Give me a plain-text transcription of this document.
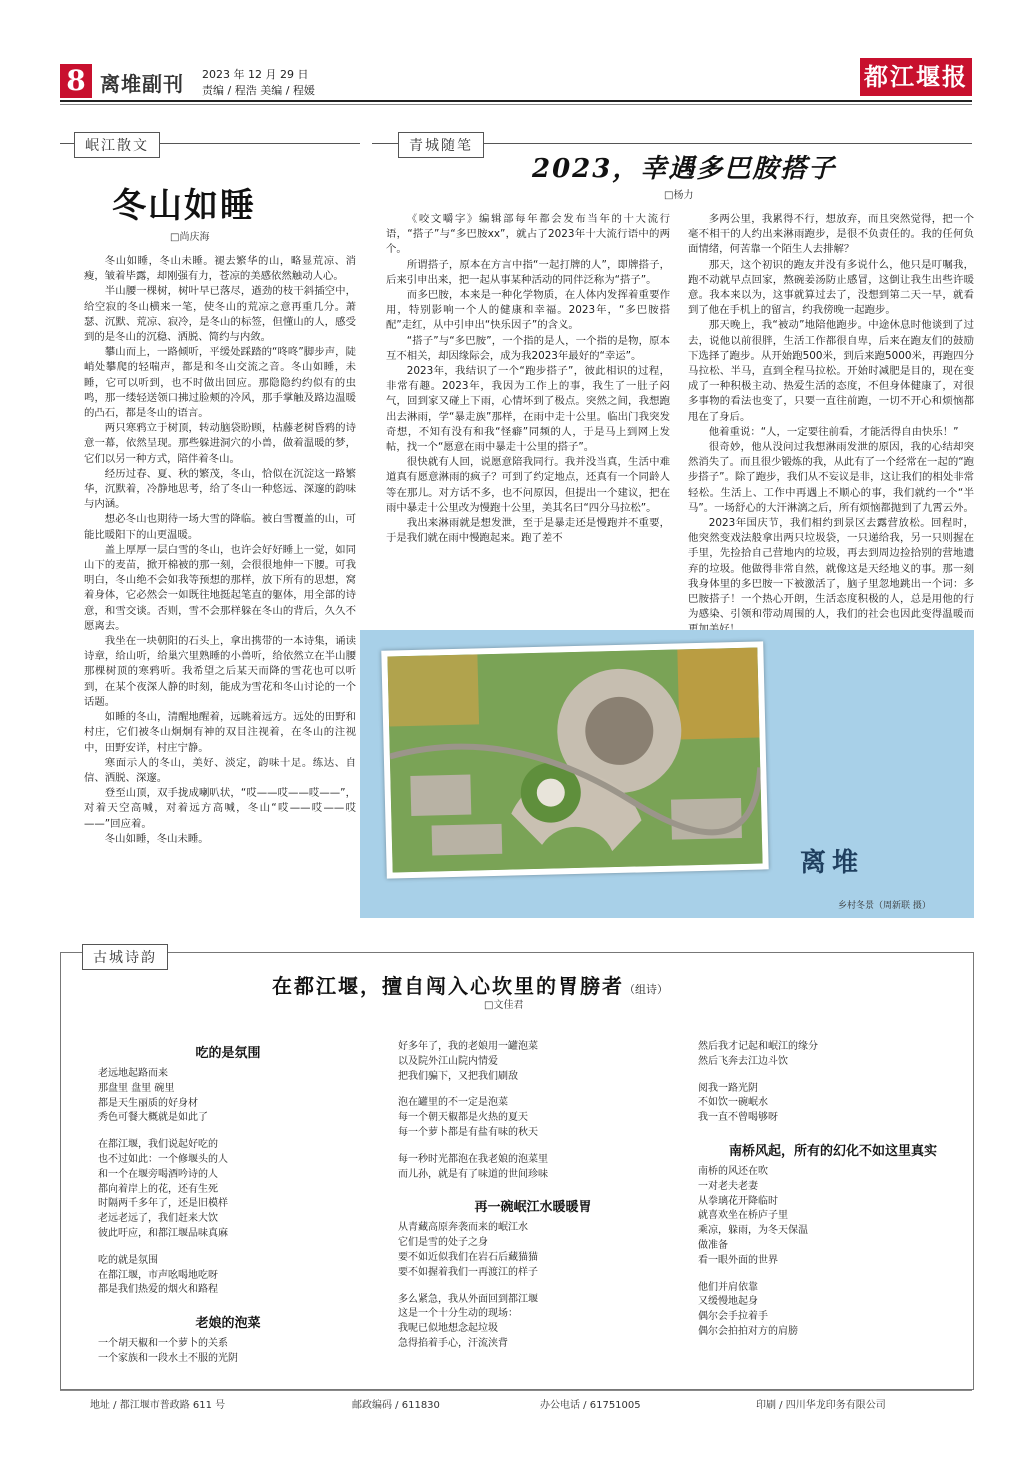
8 离堆副刊 2023 年 12 月 29 日
责编 / 程浩 美编 / 程媛	都江堰报
岷江散文
冬山如睡
□尚庆海

冬山如睡，冬山未睡。褪去繁华的山，略显荒凉、消瘦，皱着毕露，却刚强有力，苍凉的美感依然触动人心。

半山腰一棵树，树叶早已落尽，遒劲的枝干斜插空中，给空寂的冬山横来一笔，使冬山的荒凉之意再重几分。萧瑟、沉默、荒凉、寂冷，是冬山的标签，但懂山的人，感受到的是冬山的沉稳、洒脱、简约与内敛。

攀山而上，一路倾听，平缓处踩踏的“咚咚”脚步声，陡峭处攀爬的轻喘声，都是和冬山交流之音。冬山如睡，未睡，它可以听到，也不时做出回应。那隐隐约约似有的虫鸣，那一缕轻送领口拂过脸颊的冷风，那手掌触及路边温暖的凸石，都是冬山的语言。

两只寒鸦立于树顶，转动脑袋盼顾，枯藤老树昏鸦的诗意一幕，依然呈现。那些躲进洞穴的小兽，做着温暖的梦，它们以另一种方式，陪伴着冬山。

经历过春、夏、秋的繁茂，冬山，恰似在沉淀这一路繁华，沉默着，冷静地思考，给了冬山一种悠远、深邃的韵味与内涵。

想必冬山也期待一场大雪的降临。被白雪覆盖的山，可能比暖阳下的山更温暖。

盖上厚厚一层白雪的冬山，也许会好好睡上一觉，如同山下的麦苗，掀开棉被的那一刻，会很很地伸一下腰。可我明白，冬山绝不会如我等预想的那样，放下所有的思想，窝着身体，它必然会一如既往地挺起笔直的躯体，用全部的诗意，和雪交谈。否则，雪不会那样躲在冬山的背后，久久不愿离去。

我坐在一块朝阳的石头上，拿出携带的一本诗集，诵读诗章，给山听，给巢穴里熟睡的小兽听，给依然立在半山腰那棵树顶的寒鸦听。我希望之后某天而降的雪花也可以听到，在某个夜深人静的时刻，能成为雪花和冬山讨论的一个话题。

如睡的冬山，清醒地醒着，远眺着远方。远处的田野和村庄，它们被冬山炯炯有神的双目注视着，在冬山的注视中，田野安详，村庄宁静。

寒面示人的冬山，美好、淡定，韵味十足。练达、自信、洒脱、深邃。

登至山顶，双手拢成喇叭状，“哎——哎——哎——”，对着天空高喊，对着远方高喊，冬山“哎——哎——哎——”回应着。

冬山如睡，冬山未睡。

青城随笔
2023，幸遇多巴胺搭子
□杨力

《咬文嚼字》编辑部每年都会发布当年的十大流行语，“搭子”与“多巴胺xx”，就占了2023年十大流行语中的两个。

所谓搭子，原本在方言中指“一起打牌的人”，即牌搭子，后来引申出来，把一起从事某种活动的同伴泛称为“搭子”。

而多巴胺，本来是一种化学物质，在人体内发挥着重要作用，特别影响一个人的健康和幸福。2023年，“多巴胺搭配”走红，从中引申出“快乐因子”的含义。

“搭子”与“多巴胺”，一个指的是人，一个指的是物，原本互不相关，却因缘际会，成为我2023年最好的“幸运”。

2023年，我结识了一个“跑步搭子”，彼此相识的过程，非常有趣。2023年，我因为工作上的事，我生了一肚子闷气，回到家又碰上下雨，心情坏到了极点。突然之间，我想跑出去淋雨，学“暴走族”那样，在雨中走十公里。临出门我突发奇想，不知有没有和我“怪癖”同频的人，于是马上到网上发帖，找一个“愿意在雨中暴走十公里的搭子”。

很快就有人回，说愿意陪我同行。我并没当真，生活中难道真有愿意淋雨的疯子？可到了约定地点，还真有一个同龄人等在那儿。对方话不多，也不问原因，但提出一个建议，把在雨中暴走十公里改为慢跑十公里，美其名曰“四分马拉松”。

我出来淋雨就是想发泄，至于是暴走还是慢跑并不重要，于是我们就在雨中慢跑起来。跑了差不

多两公里，我累得不行，想放弃，而且突然觉得，把一个毫不相干的人约出来淋雨跑步，是很不负责任的。我的任何负面情绪，何苦靠一个陌生人去排解？

那天，这个初识的跑友并没有多说什么，他只是叮嘱我，跑不动就早点回家，熬碗姜汤防止感冒，这倒让我生出些许暖意。我本来以为，这事就算过去了，没想到第二天一早，就看到了他在手机上的留言，约我傍晚一起跑步。

那天晚上，我“被动”地陪他跑步。中途休息时他谈到了过去，说他以前很胖，生活工作都很自卑，后来在跑友们的鼓励下选择了跑步。从开始跑500米，到后来跑5000米，再跑四分马拉松、半马，直到全程马拉松。开始时减肥是目的，现在变成了一种积极主动、热爱生活的态度，不但身体健康了，对很多事物的看法也变了，只要一直往前跑，一切不开心和烦恼都甩在了身后。

他着重说：“人，一定要往前看，才能活得自由快乐！”

很奇妙，他从没问过我想淋雨发泄的原因，我的心结却突然消失了。而且很少锻炼的我，从此有了一个经常在一起的“跑步搭子”。除了跑步，我们从不妄议是非，这让我们的相处非常轻松。生活上、工作中再遇上不顺心的事，我们就约一个“半马”。一场舒心的大汗淋漓之后，所有烦恼都抛到了九霄云外。

2023年国庆节，我们相约到景区去露营放松。回程时，他突然变戏法般拿出两只垃圾袋，一只递给我，另一只则握在手里，先捡拾自己营地内的垃圾，再去到周边捡拾别的营地遗弃的垃圾。他做得非常自然，就像这是天经地义的事。那一刻我身体里的多巴胺一下被激活了，脑子里忽地跳出一个词：多巴胺搭子！一个热心开朗，生活态度积极的人，总是用他的行为感染、引领和带动周围的人，我们的社会也因此变得温暖而

离堆
乡村冬景（周新联 摄）
古城诗韵
在都江堰，擅自闯入心坎里的胃膀者（组诗）
□文佳君
吃的是氛围

老远地起路而来

那盘里 盘里 碗里

都是天生丽质的好身材

秀色可餐大概就是如此了

在都江堰，我们说起好吃的

也不过如此：一个修堰头的人

和一个在堰旁喝酒吟诗的人

都向着岸上的花，还有生死

时隔两千多年了，还是旧模样

老远老远了，我们赶来大饮

彼此吁应，和都江堰品味真麻

吃的就是氛围

在都江堰，市声吆喝地吃呀

都是我们热爱的烟火和路程

老娘的泡菜

一个胡天椒和一个萝卜的关系

一个家族和一段水土不服的光阴

好多年了，我的老娘用一罐泡菜

以及院外江山院内情爱

把我们骗下，又把我们刷敌

泡在罐里的不一定是泡菜

每一个朝天椒都是火热的夏天

每一个萝卜都是有盐有味的秋天

每一秒时光都泡在我老娘的泡菜里

而儿孙，就是有了味道的世间珍味

再一碗岷江水暖暖胃

从青藏高原奔袭而来的岷江水

它们是雪的处子之身

要不如近似我们在岩石后藏猫猫

要不如握着我们一再渡江的样子

多么紧急，我从外面回到都江堰

这是一个十分生动的现场：

我呢已似地想念起垃圾

急得掐着手心，汗流浃背

然后我才记起和岷江的缘分

然后飞奔去江边斗饮

阅我一路光阴

不如饮一碗岷水

我一直不曾喝够呀

南桥风起，所有的幻化不如这里真实

南桥的风还在吹

一对老夫老妻

从拳璃花开降临时

就喜欢坐在桥庐子里

乘凉，躲雨，为冬天保温

做准备

看一眼外面的世界

他们并肩依靠

又缓慢地起身

偶尔会手拉着手

偶尔会拍拍对方的肩膀

地址 / 都江堰市普政路 611 号	邮政编码 / 611830	办公电话 / 61751005	印刷 / 四川华龙印务有限公司
